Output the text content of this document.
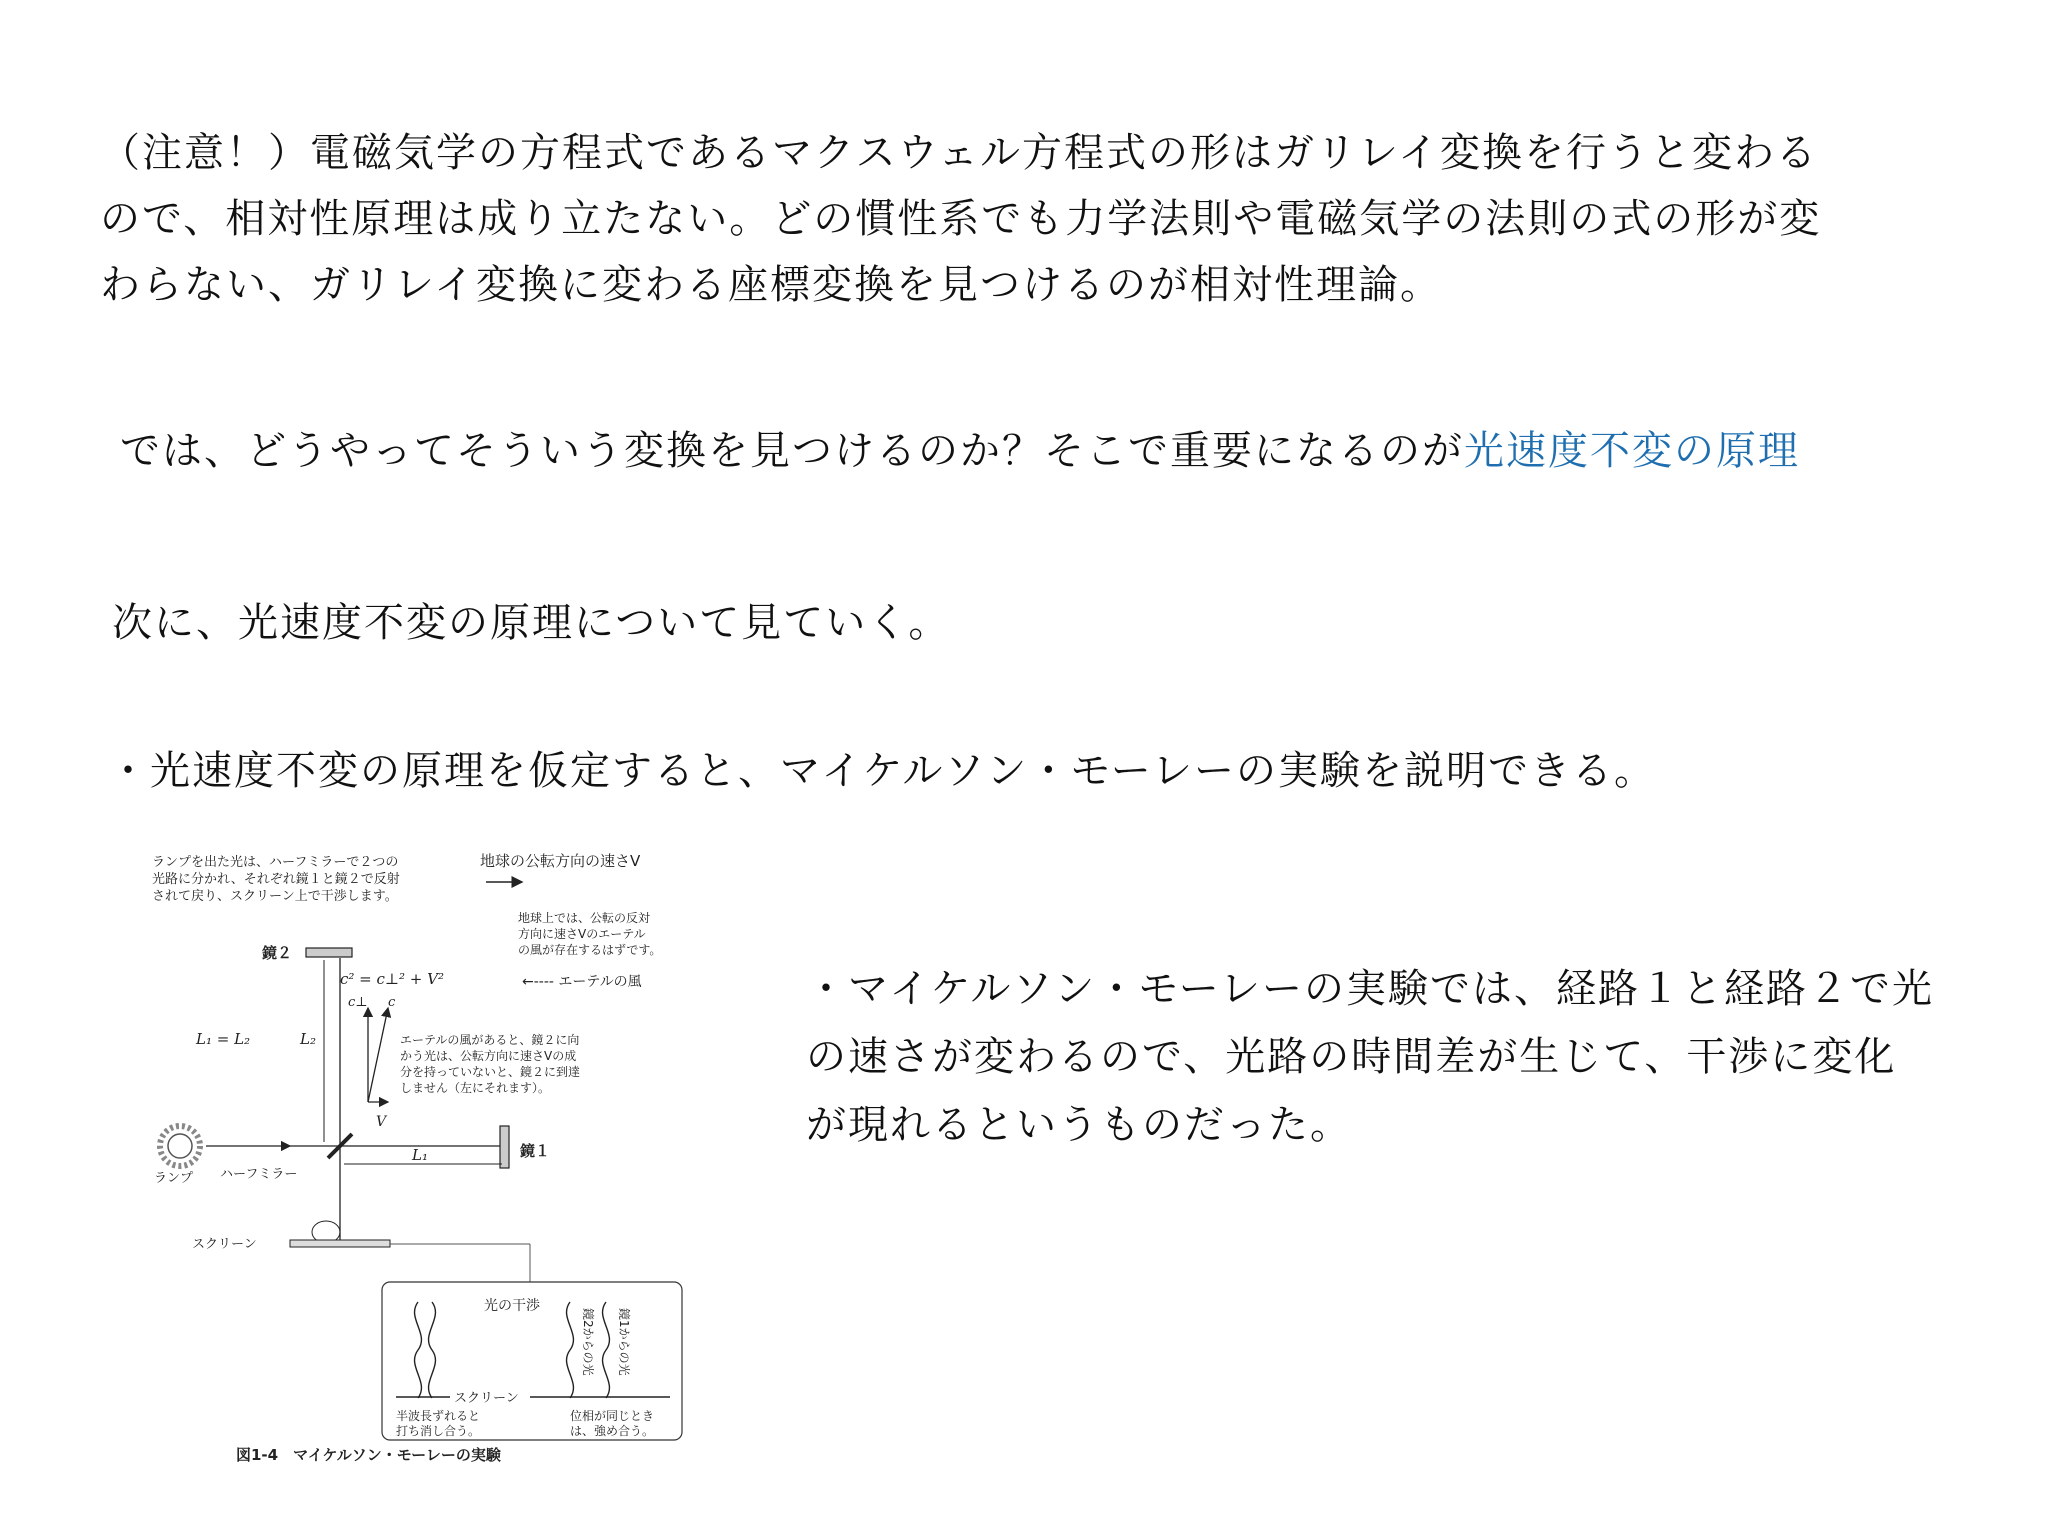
（注意！）電磁気学の方程式であるマクスウェル方程式の形はガリレイ変換を行うと変わる
ので、相対性原理は成り立たない。どの慣性系でも力学法則や電磁気学の法則の式の形が変
わらない、ガリレイ変換に変わる座標変換を見つけるのが相対性理論。
では、どうやってそういう変換を見つけるのか？そこで重要になるのが光速度不変の原理
次に、光速度不変の原理について見ていく。
・光速度不変の原理を仮定すると、マイケルソン・モーレーの実験を説明できる。
・マイケルソン・モーレーの実験では、経路１と経路２で光
の速さが変わるので、光路の時間差が生じて、干渉に変化
が現れるというものだった。
ランプを出た光は、ハーフミラーで２つの
光路に分かれ、それぞれ鏡１と鏡２で反射
されて戻り、スクリーン上で干渉します。
地球の公転方向の速さV
地球上では、公転の反対
方向に速さVのエーテル
の風が存在するはずです。
←---- エーテルの風
鏡２
c² = c⊥² + V²
c⊥ c
V
エーテルの風があると、鏡２に向
かう光は、公転方向に速さVの成
分を持っていないと、鏡２に到達
しません（左にそれます）。
L₁ = L₂	L₂
ランプ ハーフミラー
鏡１
L₁
スクリーン
光の干渉
スクリーン
鏡2からの光 鏡1からの光
半波長ずれると
打ち消し合う。
位相が同じとき
は、強め合う。
図1-4　マイケルソン・モーレーの実験
